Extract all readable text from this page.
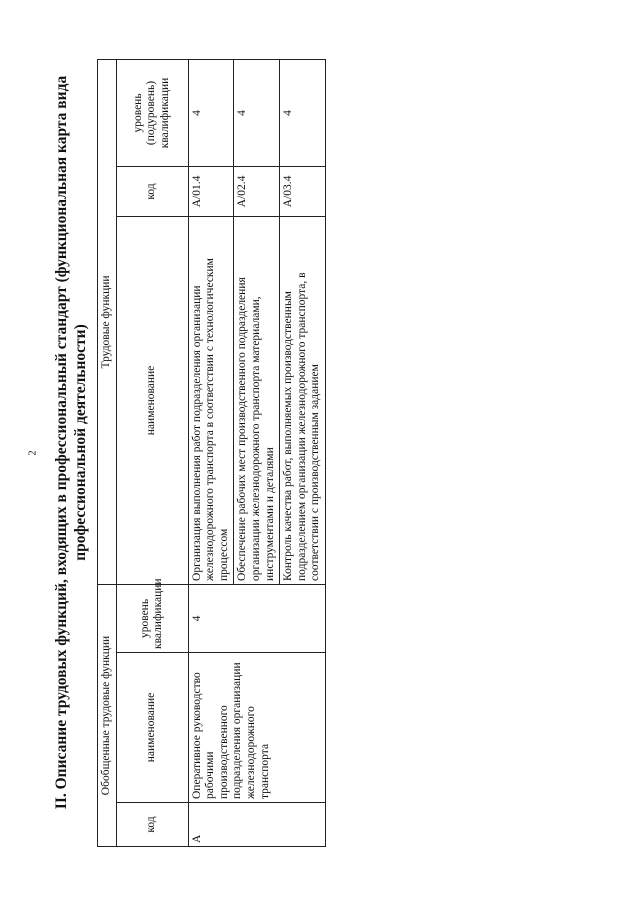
2 II. Описание трудовых функций, входящих в профессиональный стандарт (функциональная карта вида профессиональной деятельности)
Обобщенные трудовые функции			Трудовые функции		
код	наименование	уровень квалификации	наименование	код	уровень (подуровень) квалификации
А	Оперативное руководство рабочими производственного подразделения организации железнодорожного транспорта	4	Организация выполнения работ подразделения организации железнодорожного транспорта в соответствии с технологическим процессом	А/01.4	4
			Обеспечение рабочих мест производственного подразделения организации железнодорожного транспорта материалами, инструментами и деталями	А/02.4	4
			Контроль качества работ, выполняемых производственным подразделением организации железнодорожного транспорта, в соответствии с производственным заданием	А/03.4	4
